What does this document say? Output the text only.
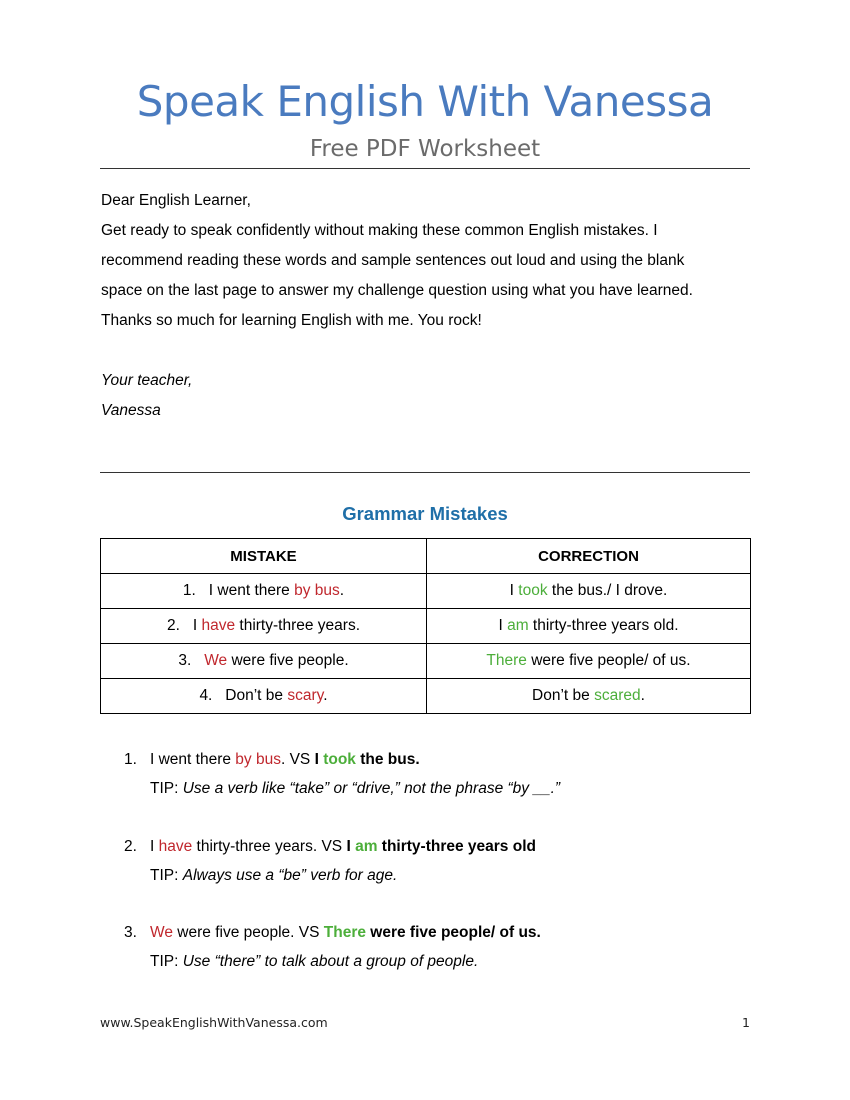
Speak English With Vanessa
Free PDF Worksheet

Dear English Learner,

Get ready to speak confidently without making these common English mistakes. I

recommend reading these words and sample sentences out loud and using the blank

space on the last page to answer my challenge question using what you have learned.

Thanks so much for learning English with me. You rock!

Your teacher,

Vanessa

Grammar Mistakes
MISTAKE	CORRECTION
1. I went there by bus.	I took the bus./ I drove.
2. I have thirty-three years.	I am thirty-three years old.
3. We were five people.	There were five people/ of us.
4. Don’t be scary.	Don’t be scared.
1. I went there by bus. VS I took the bus.
TIP: Use a verb like “take” or “drive,” not the phrase “by __.”
2. I have thirty-three years. VS I am thirty-three years old
TIP: Always use a “be” verb for age.
3. We were five people. VS There were five people/ of us.
TIP: Use “there” to talk about a group of people.
www.SpeakEnglishWithVanessa.com	1
